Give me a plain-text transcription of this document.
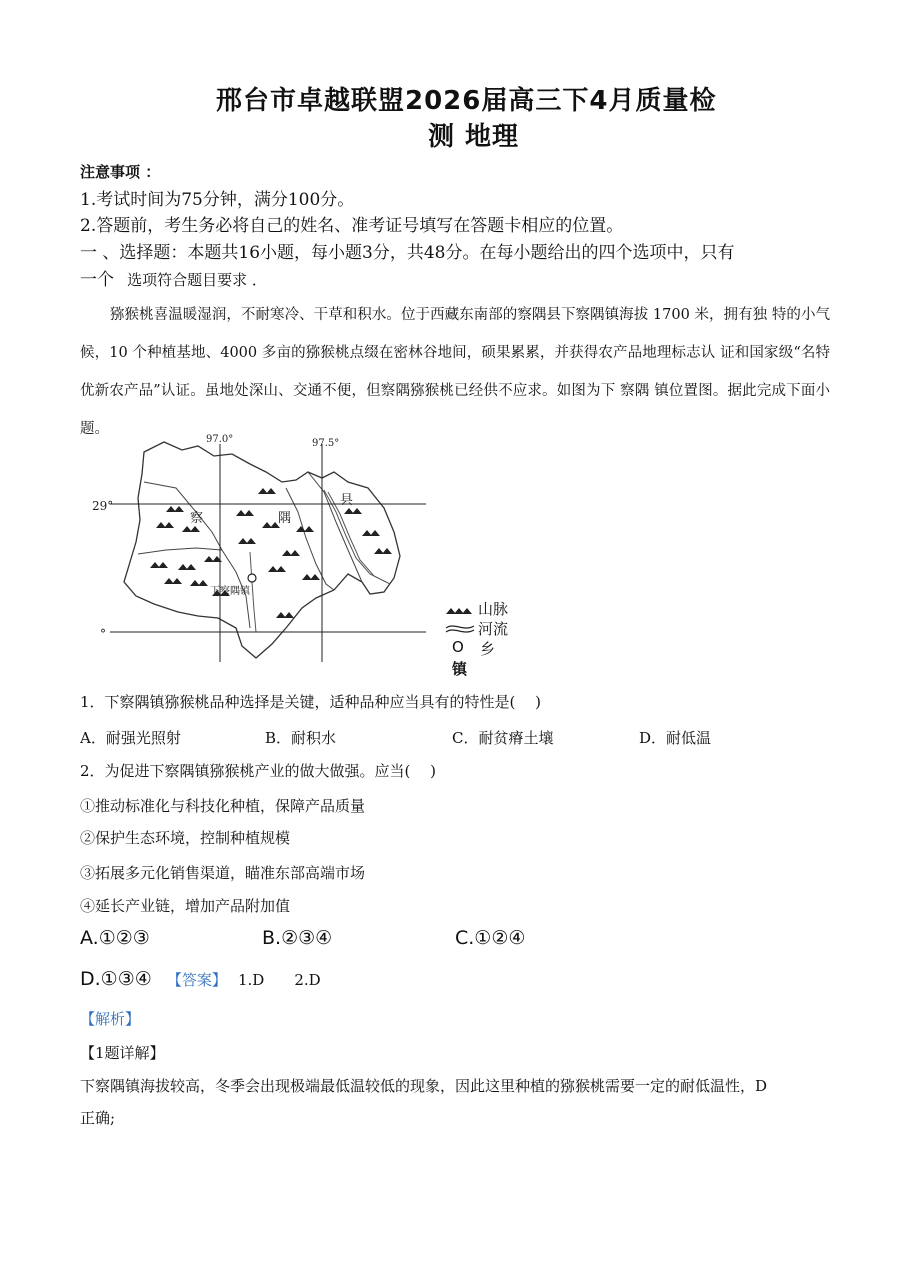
邢台市卓越联盟2026届高三下4月质量检
测 地理
注意事项 ：
1.考试时间为75分钟，满分100分。
2.答题前，考生务必将自己的姓名、准考证号填写在答题卡相应的位置。
一 、选择题：本题共16小题，每小题3分，共48分。在每小题给出的四个选项中，只有
一个 选项符合题目要求 ．
猕猴桃喜温暖湿润，不耐寒冷、干草和积水。位于西藏东南部的察隅县下察隅镇海拔 1700 米，拥有独 特的小气候，10 个种植基地、4000 多亩的猕猴桃点缀在密林谷地间，硕果累累，并获得农产品地理标志认 证和国家级“名特优新农产品”认证。虽地处深山、交通不便，但察隅猕猴桃已经供不应求。如图为下 察隅 镇位置图。据此完成下面小题。
97.0°	97.5°
29°
°
察	隅
县
下察隅镇
山脉
河流
O 乡
镇
1．下察隅镇猕猴桃品种选择是关键，适种品种应当具有的特性是(　 )
A．耐强光照射	B．耐积水	C．耐贫瘠土壤	D．耐低温
2．为促进下察隅镇猕猴桃产业的做大做强。应当(　 )
①推动标准化与科技化种植，保障产品质量
②保护生态环境，控制种植规模
③拓展多元化销售渠道，瞄准东部高端市场
④延长产业链，增加产品附加值
A.①②③	B.②③④	C.①②④
D.①③④ 【答案】 1.D　　2.D
【解析】
【1题详解】
下察隅镇海拔较高，冬季会出现极端最低温较低的现象，因此这里种植的猕猴桃需要一定的耐低温性，D
正确;
